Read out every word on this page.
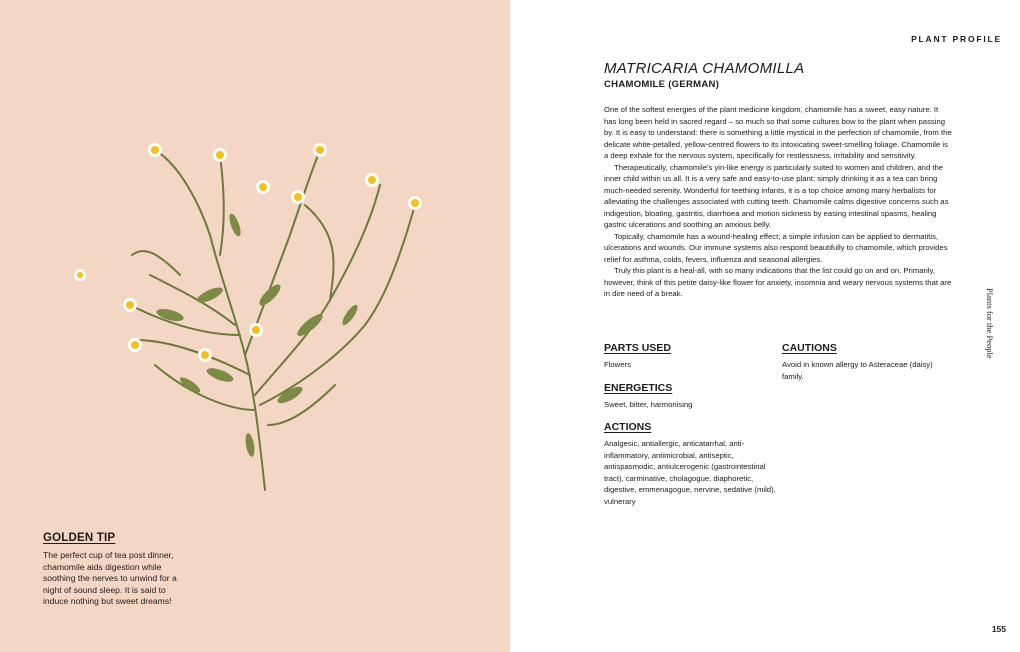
GOLDEN TIP

The perfect cup of tea post dinner, chamomile aids digestion while soothing the nerves to unwind for a night of sound sleep. It is said to induce nothing but sweet dreams!

PLANT PROFILE
MATRICARIA CHAMOMILLA
CHAMOMILE (GERMAN)

One of the softest energies of the plant medicine kingdom, chamomile has a sweet, easy nature. It has long been held in sacred regard – so much so that some cultures bow to the plant when passing by. It is easy to understand: there is something a little mystical in the perfection of chamomile, from the delicate white-petalled, yellow-centred flowers to its intoxicating sweet-smelling foliage. Chamomile is a deep exhale for the nervous system, specifically for restlessness, irritability and sensitivity.

Therapeutically, chamomile's yin-like energy is particularly suited to women and children, and the inner child within us all. It is a very safe and easy-to-use plant; simply drinking it as a tea can bring much-needed serenity. Wonderful for teething infants, it is a top choice among many herbalists for alleviating the challenges associated with cutting teeth. Chamomile calms digestive concerns such as indigestion, bloating, gastritis, diarrhoea and motion sickness by easing intestinal spasms, healing gastric ulcerations and soothing an anxious belly.

Topically, chamomile has a wound-healing effect; a simple infusion can be applied to dermatitis, ulcerations and wounds. Our immune systems also respond beautifully to chamomile, which provides relief for asthma, colds, fevers, influenza and seasonal allergies.

Truly this plant is a heal-all, with so many indications that the list could go on and on. Primarily, however, think of this petite daisy-like flower for anxiety, insomnia and weary nervous systems that are in dire need of a break.

PARTS USED

Flowers

ENERGETICS

Sweet, bitter, harmonising

ACTIONS

Analgesic, antiallergic, anticatarrhal, anti-inflammatory, antimicrobial, antiseptic, antispasmodic, antiulcerogenic (gastrointestinal tract), carminative, cholagogue, diaphoretic, digestive, emmenagogue, nervine, sedative (mild), vulnerary

CAUTIONS

Avoid in known allergy to Asteraceae (daisy) family.

Plants for the People
155
